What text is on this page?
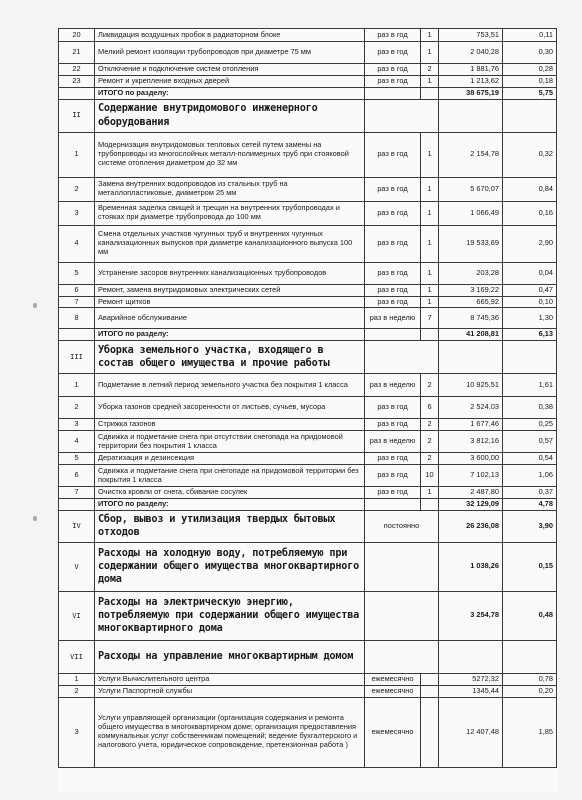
20	Ликвидация воздушных пробок в радиаторном блоке	раз в год	1	753,51	0,11
21	Мелкий ремонт изоляции трубопроводов при диаметре 75 мм	раз в год	1	2 040,28	0,30
22	Отключение и подключение систем отопления	раз в год	2	1 881,76	0,28
23	Ремонт и укрепление входных дверей	раз в год	1	1 213,62	0,18
	ИТОГО по разделу:			38 675,19	5,75
II	Содержание внутридомового инженерного оборудования				
1	Модернизация внутридомовых тепловых сетей путем замены на трубопроводы из многослойных металл-полимерных труб при стояковой системе отопления диаметром до 32 мм	раз в год	1	2 154,78	0,32
2	Замена внутренних водопроводов из стальных труб на металлопластиковые, диаметром 25 мм	раз в год	1	5 670,07	0,84
3	Временная заделка свищей и трещин на внутренних трубопроводах и стояках при диаметре трубопровода до 100 мм	раз в год	1	1 066,49	0,16
4	Смена отдельных участков чугунных труб и внутренних чугунных канализационных выпусков при диаметре канализационного выпуска 100 мм	раз в год	1	19 533,69	2,90
5	Устранение засоров внутренних канализационных трубопроводов	раз в год	1	203,28	0,04
6	Ремонт, замена внутридомовых электрических сетей	раз в год	1	3 169,22	0,47
7	Ремонт щитков	раз в год	1	665,92	0,10
8	Аварийное обслуживание	раз в неделю	7	8 745,36	1,30
	ИТОГО по разделу:			41 208,81	6,13
III	Уборка земельного участка, входящего в состав общего имущества и прочие работы				
1	Подметание в летний период земельного участка без покрытия 1 класса	раз в неделю	2	10 925,51	1,61
2	Уборка газонов средней засоренности от листьев, сучьев, мусора	раз в год	6	2 524,03	0,38
3	Стрижка газонов	раз в год	2	1 677,46	0,25
4	Сдвижка и подметание снега при отсутствии снегопада на придомовой территории без покрытия 1 класса	раз в неделю	2	3 812,16	0,57
5	Дератизация и дезинсекция	раз в год	2	3 600,00	0,54
6	Сдвижка и подметание снега при снегопаде на придомовой территории без покрытия 1 класса	раз в год	10	7 102,13	1,06
7	Очистка кровли от снега, сбивание сосулек	раз в год	1	2 487,80	0,37
	ИТОГО по разделу:			32 129,09	4,78
IV	Сбор, вывоз и утилизация твердых бытовых отходов	постоянно		26 236,08	3,90
V	Расходы на холодную воду, потребляемую при содержании общего имущества многоквартирного дома			1 038,26	0,15
VI	Расходы на электрическую энергию, потребляемую при содержании общего имущества многоквартирного дома			3 254,78	0,48
VII	Расходы на управление многоквартирным домом				
1	Услуги Вычислительного центра	ежемесячно		5272,32	0,78
2	Услуги Паспортной службы	ежемесячно		1345,44	0,20
3	Услуги управляющей организации (организация содержания и ремонта общего имущества в многоквартирном доме; организация предоставления коммунальных услуг собственникам помещений; ведение бухгалтерского и налогового учета, юридическое сопровождение, претензионная работа )	ежемесячно		12 407,48	1,85
